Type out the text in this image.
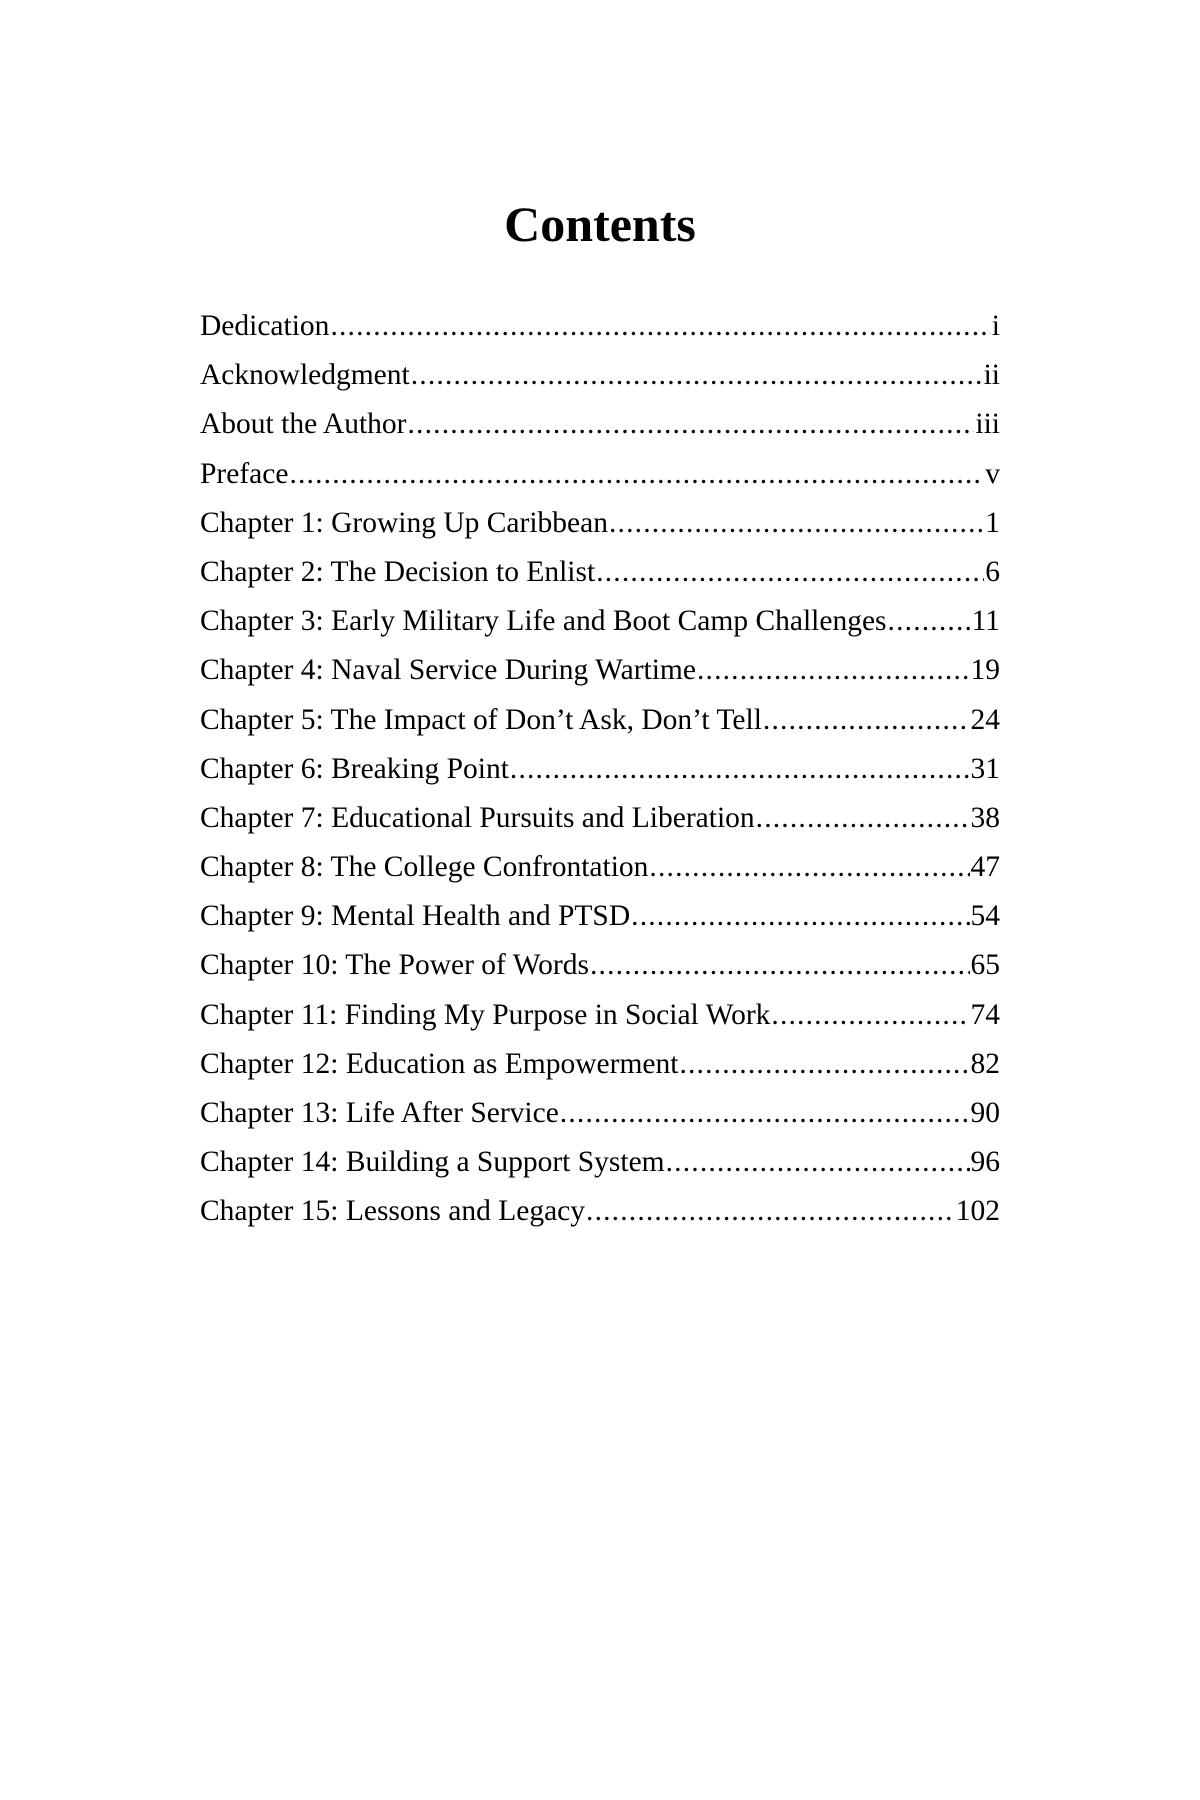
Contents
Dedication . . .	i
Acknowledgment . . .	ii
About the Author . . .	iii
Preface . . .	v
Chapter 1: Growing Up Caribbean . . .	1
Chapter 2: The Decision to Enlist . . .	6
Chapter 3: Early Military Life and Boot Camp Challenges . . .	11
Chapter 4: Naval Service During Wartime . . .	19
Chapter 5: The Impact of Don’t Ask, Don’t Tell . . .	24
Chapter 6: Breaking Point . . .	31
Chapter 7: Educational Pursuits and Liberation . . .	38
Chapter 8: The College Confrontation . . .	47
Chapter 9: Mental Health and PTSD . . .	54
Chapter 10: The Power of Words . . .	65
Chapter 11: Finding My Purpose in Social Work . . .	74
Chapter 12: Education as Empowerment . . .	82
Chapter 13: Life After Service . . .	90
Chapter 14: Building a Support System . . .	96
Chapter 15: Lessons and Legacy . . .	102
